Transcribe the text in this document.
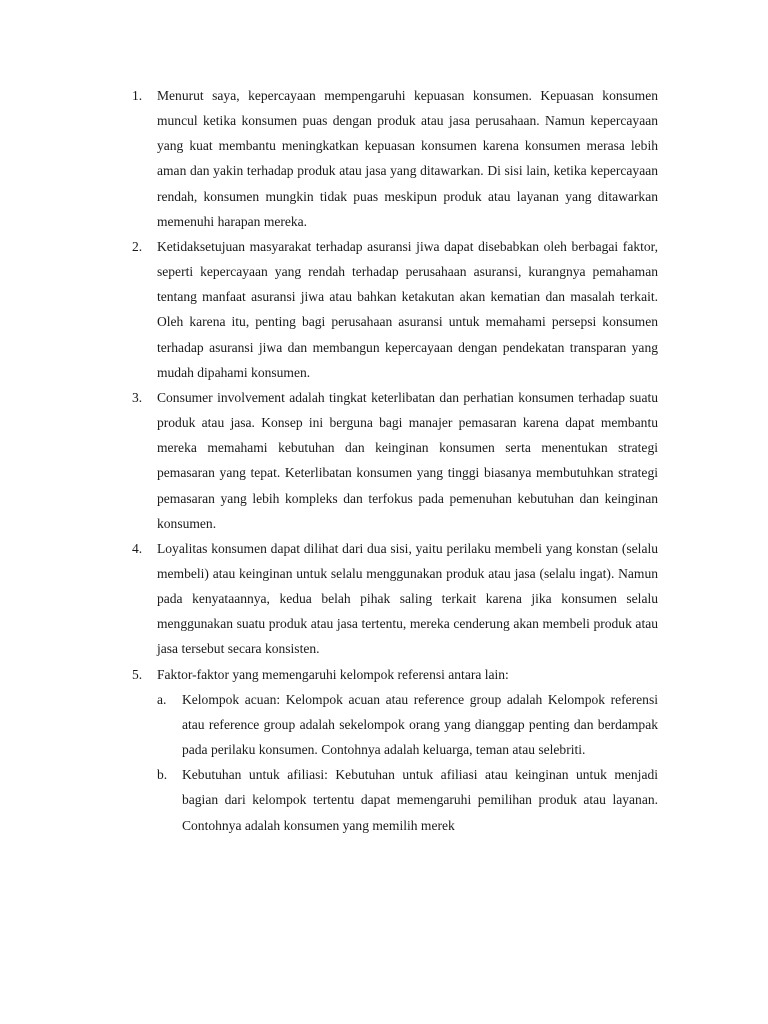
1.	Menurut saya, kepercayaan mempengaruhi kepuasan konsumen. Kepuasan konsumen muncul ketika konsumen puas dengan produk atau jasa perusahaan. Namun kepercayaan yang kuat membantu meningkatkan kepuasan konsumen karena konsumen merasa lebih aman dan yakin terhadap produk atau jasa yang ditawarkan. Di sisi lain, ketika kepercayaan rendah, konsumen mungkin tidak puas meskipun produk atau layanan yang ditawarkan memenuhi harapan mereka.

2.	Ketidaksetujuan masyarakat terhadap asuransi jiwa dapat disebabkan oleh berbagai faktor, seperti kepercayaan yang rendah terhadap perusahaan asuransi, kurangnya pemahaman tentang manfaat asuransi jiwa atau bahkan ketakutan akan kematian dan masalah terkait. Oleh karena itu, penting bagi perusahaan asuransi untuk memahami persepsi konsumen terhadap asuransi jiwa dan membangun kepercayaan dengan pendekatan transparan yang mudah dipahami konsumen.

3.	Consumer involvement adalah tingkat keterlibatan dan perhatian konsumen terhadap suatu produk atau jasa. Konsep ini berguna bagi manajer pemasaran karena dapat membantu mereka memahami kebutuhan dan keinginan konsumen serta menentukan strategi pemasaran yang tepat. Keterlibatan konsumen yang tinggi biasanya membutuhkan strategi pemasaran yang lebih kompleks dan terfokus pada pemenuhan kebutuhan dan keinginan konsumen.

4.	Loyalitas konsumen dapat dilihat dari dua sisi, yaitu perilaku membeli yang konstan (selalu membeli) atau keinginan untuk selalu menggunakan produk atau jasa (selalu ingat). Namun pada kenyataannya, kedua belah pihak saling terkait karena jika konsumen selalu menggunakan suatu produk atau jasa tertentu, mereka cenderung akan membeli produk atau jasa tersebut secara konsisten.

5.	Faktor-faktor yang memengaruhi kelompok referensi antara lain:

a. Kelompok acuan: Kelompok acuan atau reference group adalah Kelompok referensi atau reference group adalah sekelompok orang yang dianggap penting dan berdampak pada perilaku konsumen. Contohnya adalah keluarga, teman atau selebriti.

b. Kebutuhan untuk afiliasi: Kebutuhan untuk afiliasi atau keinginan untuk menjadi bagian dari kelompok tertentu dapat memengaruhi pemilihan produk atau layanan. Contohnya adalah konsumen yang memilih merek
